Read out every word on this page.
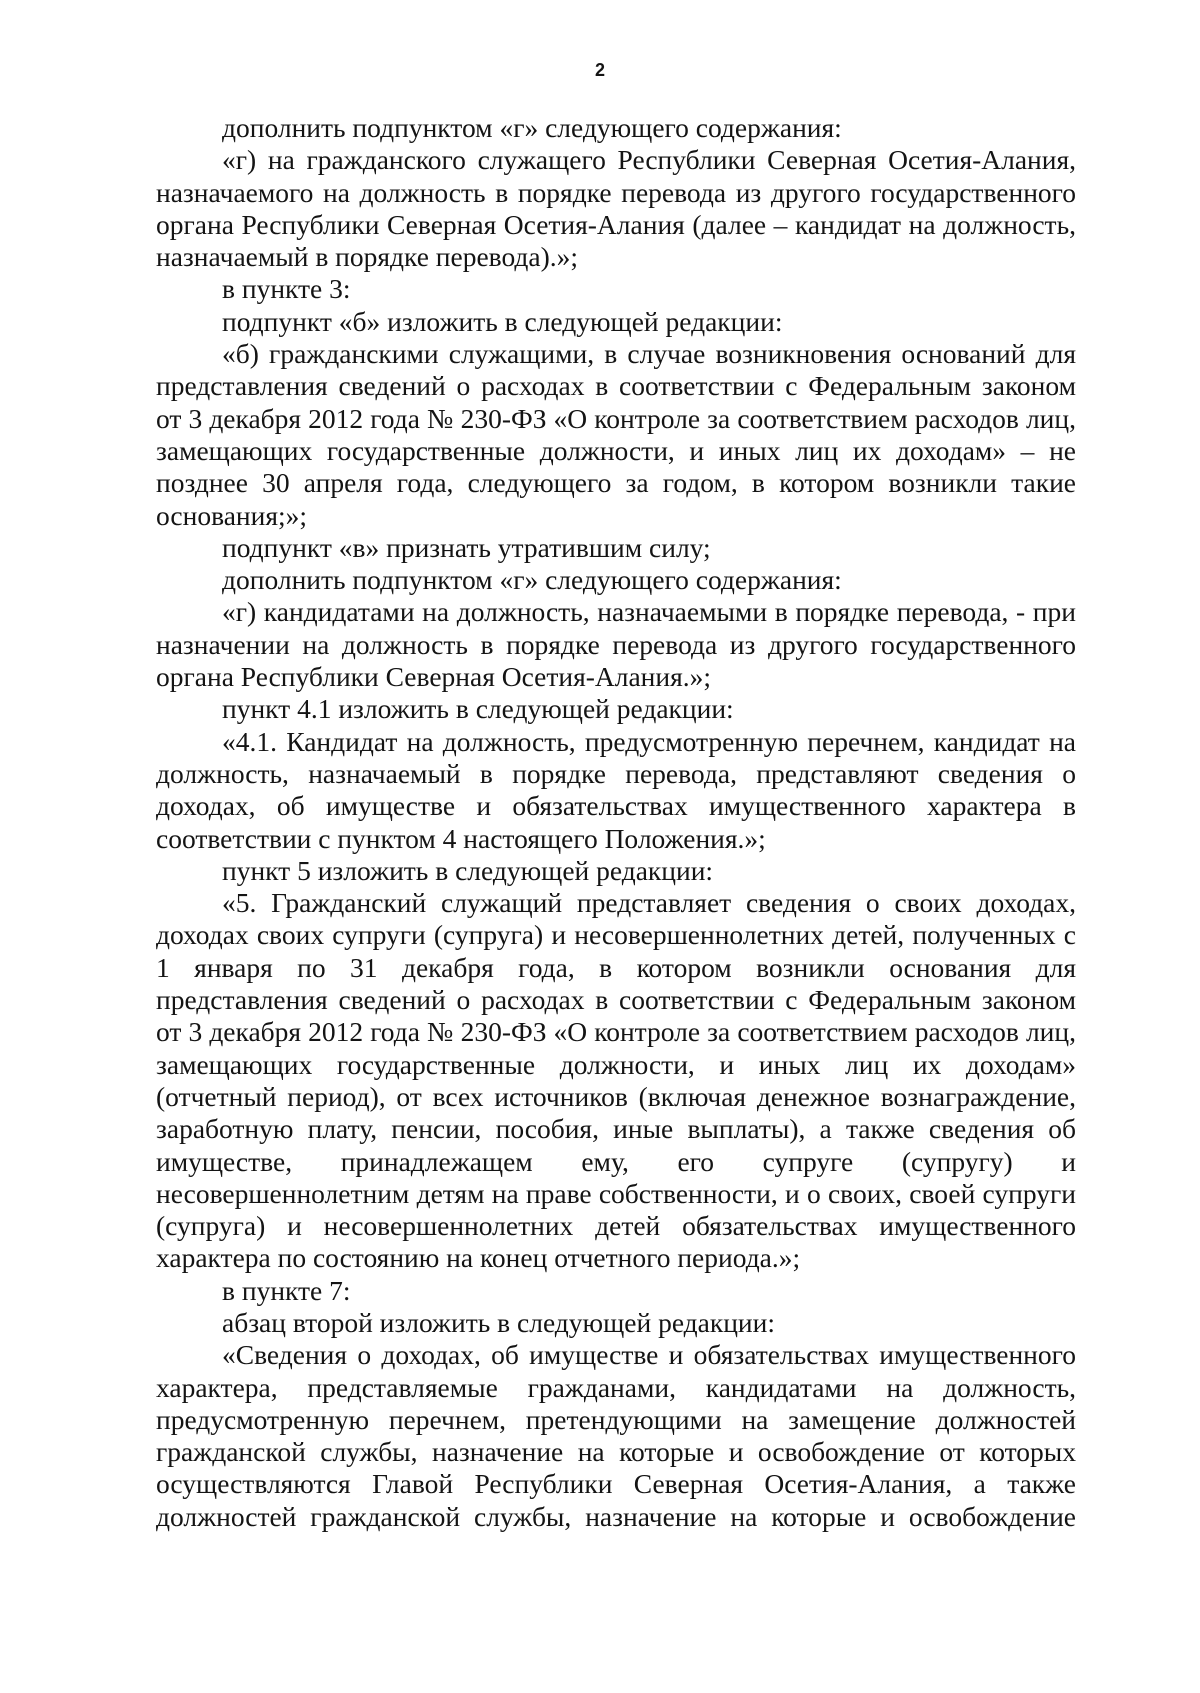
2

дополнить подпунктом «г» следующего содержания:

«г) на гражданского служащего Республики Северная Осетия-Алания, назначаемого на должность в порядке перевода из другого государственного органа Республики Северная Осетия-Алания (далее – кандидат на должность, назначаемый в порядке перевода).»;

в пункте 3:

подпункт «б» изложить в следующей редакции:

«б) гражданскими служащими, в случае возникновения оснований для представления сведений о расходах в соответствии с Федеральным законом от 3 декабря 2012 года № 230-ФЗ «О контроле за соответствием расходов лиц, замещающих государственные должности, и иных лиц их доходам» – не позднее 30 апреля года, следующего за годом, в котором возникли такие основания;»;

подпункт «в» признать утратившим силу;

дополнить подпунктом «г» следующего содержания:

«г) кандидатами на должность, назначаемыми в порядке перевода, - при назначении на должность в порядке перевода из другого государственного органа Республики Северная Осетия-Алания.»;

пункт 4.1 изложить в следующей редакции:

«4.1. Кандидат на должность, предусмотренную перечнем, кандидат на должность, назначаемый в порядке перевода, представляют сведения о доходах, об имуществе и обязательствах имущественного характера в соответствии с пунктом 4 настоящего Положения.»;

пункт 5 изложить в следующей редакции:

«5. Гражданский служащий представляет сведения о своих доходах, доходах своих супруги (супруга) и несовершеннолетних детей, полученных с 1 января по 31 декабря года, в котором возникли основания для представления сведений о расходах в соответствии с Федеральным законом от 3 декабря 2012 года № 230-ФЗ «О контроле за соответствием расходов лиц, замещающих государственные должности, и иных лиц их доходам» (отчетный период), от всех источников (включая денежное вознаграждение, заработную плату, пенсии, пособия, иные выплаты), а также сведения об имуществе, принадлежащем ему, его супруге (супругу) и несовершеннолетним детям на праве собственности, и о своих, своей супруги (супруга) и несовершеннолетних детей обязательствах имущественного характера по состоянию на конец отчетного периода.»;

в пункте 7:

абзац второй изложить в следующей редакции:

«Сведения о доходах, об имуществе и обязательствах имущественного характера, представляемые гражданами, кандидатами на должность, предусмотренную перечнем, претендующими на замещение должностей гражданской службы, назначение на которые и освобождение от которых осуществляются Главой Республики Северная Осетия-Алания, а также должностей гражданской службы, назначение на которые и освобождение
